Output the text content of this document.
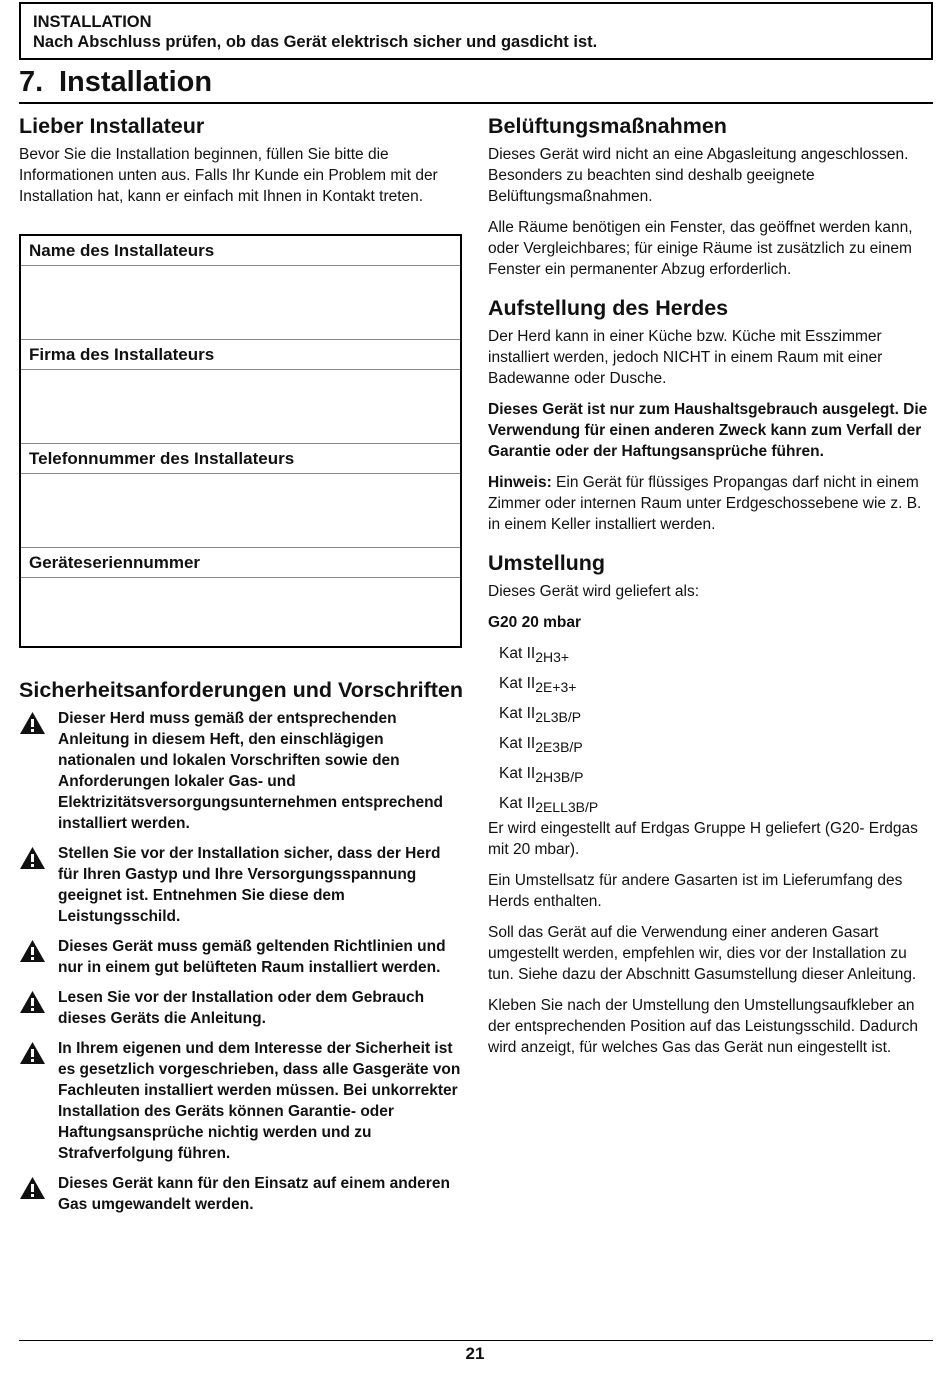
INSTALLATION
Nach Abschluss prüfen, ob das Gerät elektrisch sicher und gasdicht ist.
7. Installation
Lieber Installateur

Bevor Sie die Installation beginnen, füllen Sie bitte die Informationen unten aus. Falls Ihr Kunde ein Problem mit der Installation hat, kann er einfach mit Ihnen in Kontakt treten.

Name des Installateurs
Firma des Installateurs
Telefonnummer des Installateurs
Geräteseriennummer
Sicherheitsanforderungen und Vorschriften
Dieser Herd muss gemäß der entsprechenden Anleitung in diesem Heft, den einschlägigen nationalen und lokalen Vorschriften sowie den Anforderungen lokaler Gas- und Elektrizitätsversorgungsunternehmen entsprechend installiert werden.
Stellen Sie vor der Installation sicher, dass der Herd für Ihren Gastyp und Ihre Versorgungsspannung geeignet ist. Entnehmen Sie diese dem Leistungsschild.
Dieses Gerät muss gemäß geltenden Richtlinien und nur in einem gut belüfteten Raum installiert werden.
Lesen Sie vor der Installation oder dem Gebrauch dieses Geräts die Anleitung.
In Ihrem eigenen und dem Interesse der Sicherheit ist es gesetzlich vorgeschrieben, dass alle Gasgeräte von Fachleuten installiert werden müssen. Bei unkorrekter Installation des Geräts können Garantie- oder Haftungsansprüche nichtig werden und zu Strafverfolgung führen.
Dieses Gerät kann für den Einsatz auf einem anderen Gas umgewandelt werden.
Belüftungsmaßnahmen

Dieses Gerät wird nicht an eine Abgasleitung angeschlossen. Besonders zu beachten sind deshalb geeignete Belüftungsmaßnahmen.

Alle Räume benötigen ein Fenster, das geöffnet werden kann, oder Vergleichbares; für einige Räume ist zusätzlich zu einem Fenster ein permanenter Abzug erforderlich.

Aufstellung des Herdes

Der Herd kann in einer Küche bzw. Küche mit Esszimmer installiert werden, jedoch NICHT in einem Raum mit einer Badewanne oder Dusche.

Dieses Gerät ist nur zum Haushaltsgebrauch ausgelegt. Die Verwendung für einen anderen Zweck kann zum Verfall der Garantie oder der Haftungsansprüche führen.

Hinweis: Ein Gerät für flüssiges Propangas darf nicht in einem Zimmer oder internen Raum unter Erdgeschossebene wie z. B. in einem Keller installiert werden.

Umstellung

Dieses Gerät wird geliefert als:

G20 20 mbar

Kat II2H3+
Kat II2E+3+
Kat II2L3B/P
Kat II2E3B/P
Kat II2H3B/P
Kat II2ELL3B/P

Er wird eingestellt auf Erdgas Gruppe H geliefert (G20- Erdgas mit 20 mbar).

Ein Umstellsatz für andere Gasarten ist im Lieferumfang des Herds enthalten.

Soll das Gerät auf die Verwendung einer anderen Gasart umgestellt werden, empfehlen wir, dies vor der Installation zu tun. Siehe dazu der Abschnitt Gasumstellung dieser Anleitung.

Kleben Sie nach der Umstellung den Umstellungsaufkleber an der entsprechenden Position auf das Leistungsschild. Dadurch wird anzeigt, für welches Gas das Gerät nun eingestellt ist.

21
